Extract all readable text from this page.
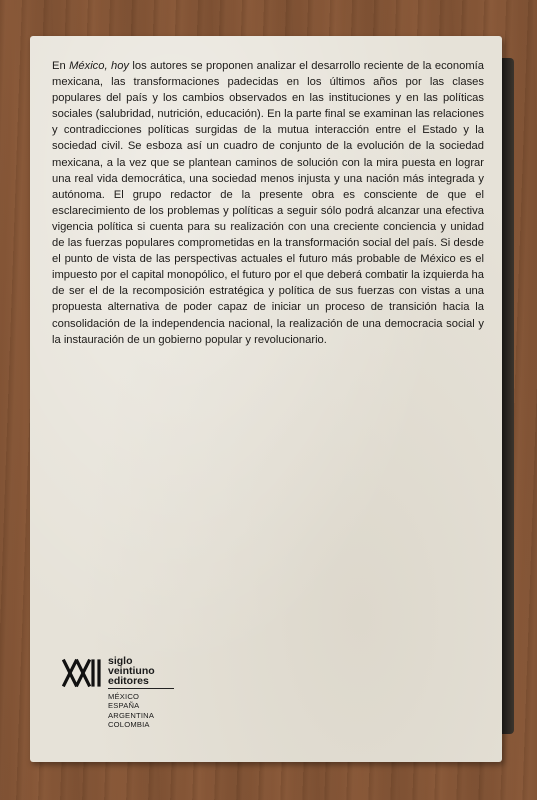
En México, hoy los autores se proponen analizar el desarrollo reciente de la economía mexicana, las transformaciones padecidas en los últimos años por las clases populares del país y los cambios observados en las instituciones y en las políticas sociales (salubridad, nutrición, educación). En la parte final se examinan las relaciones y contradicciones políticas surgidas de la mutua interacción entre el Estado y la sociedad civil. Se esboza así un cuadro de conjunto de la evolución de la sociedad mexicana, a la vez que se plantean caminos de solución con la mira puesta en lograr una real vida democrática, una sociedad menos injusta y una nación más integrada y autónoma. El grupo redactor de la presente obra es consciente de que el esclarecimiento de los problemas y políticas a seguir sólo podrá alcanzar una efectiva vigencia política si cuenta para su realización con una creciente conciencia y unidad de las fuerzas populares comprometidas en la transformación social del país. Si desde el punto de vista de las perspectivas actuales el futuro más probable de México es el impuesto por el capital monopólico, el futuro por el que deberá combatir la izquierda ha de ser el de la recomposición estratégica y política de sus fuerzas con vistas a una propuesta alternativa de poder capaz de iniciar un proceso de transición hacia la consolidación de la independencia nacional, la realización de una democracia social y la instauración de un gobierno popular y revolucionario.

siglo
veintiuno
editores
MÉXICO
ESPAÑA
ARGENTINA
COLOMBIA
